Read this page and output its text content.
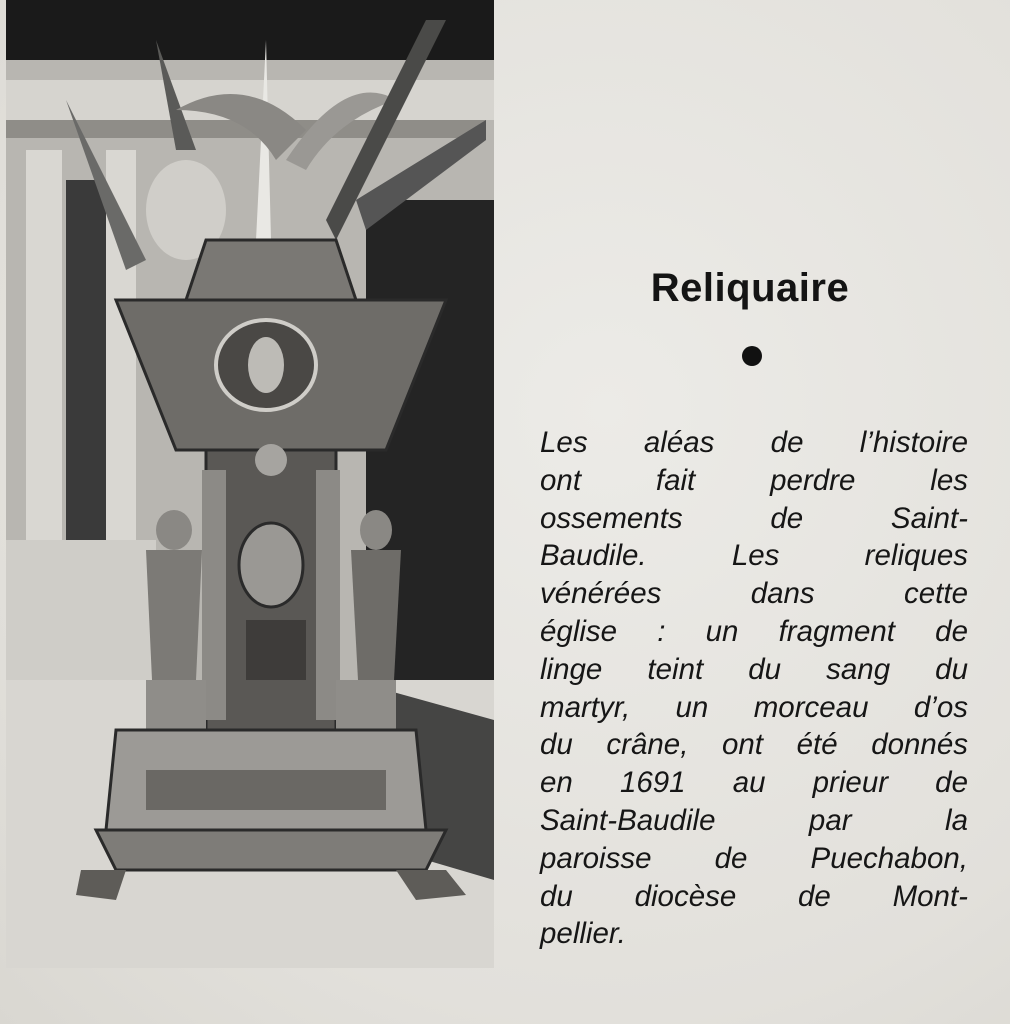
Reliquaire
Les aléas de l’histoire
ont fait perdre les
ossements de Saint-
Baudile. Les reliques
vénérées dans cette
église : un fragment de
linge teint du sang du
martyr, un morceau d’os
du crâne, ont été donnés
en 1691 au prieur de
Saint-Baudile par la
paroisse de Puechabon,
du diocèse de Mont-
pellier.
